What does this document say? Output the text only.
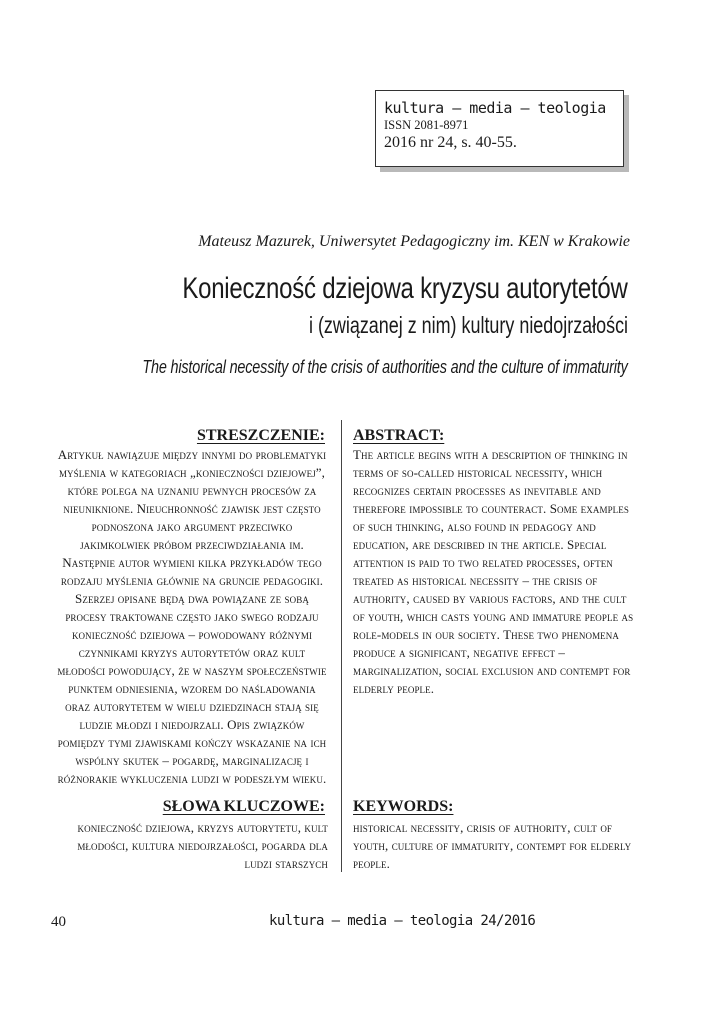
kultura – media – teologia
ISSN 2081-8971
2016 nr 24, s. 40-55.
Mateusz Mazurek, Uniwersytet Pedagogiczny im. KEN w Krakowie
Konieczność dziejowa kryzysu autorytetów
i (związanej z nim) kultury niedojrzałości
The historical necessity of the crisis of authorities and the culture of immaturity
STRESZCZENIE: ABSTRACT:
Artykuł nawiązuje między innymi do problematyki myślenia w kategoriach „konieczności dziejowej”, które polega na uznaniu pewnych procesów za nieuniknione. Nieuchronność zjawisk jest często podnoszona jako argument przeciwko jakimkolwiek próbom przeciwdziałania im. Następnie autor wymieni kilka przykładów tego rodzaju myślenia głównie na gruncie pedagogiki. Szerzej opisane będą dwa powiązane ze sobą procesy traktowane często jako swego rodzaju konieczność dziejowa – powodowany różnymi czynnikami kryzys autorytetów oraz kult młodości powodujący, że w naszym społeczeństwie punktem odniesienia, wzorem do naśladowania oraz autorytetem w wielu dziedzinach stają się ludzie młodzi i niedojrzali. Opis związków pomiędzy tymi zjawiskami kończy wskazanie na ich wspólny skutek – pogardę, marginalizację i różnorakie wykluczenia ludzi w podeszłym wieku.
The article begins with a description of thinking in terms of so-called historical necessity, which recognizes certain processes as inevitable and therefore impossible to counteract. Some examples of such thinking, also found in pedagogy and education, are described in the article. Special attention is paid to two related processes, often treated as historical necessity – the crisis of authority, caused by various factors, and the cult of youth, which casts young and immature people as role-models in our society. These two phenomena produce a significant, negative effect – marginalization, social exclusion and contempt for elderly people.
SŁOWA KLUCZOWE: KEYWORDS:
konieczność dziejowa, kryzys autorytetu, kult młodości, kultura niedojrzałości, pogarda dla ludzi starszych
historical necessity, crisis of authority, cult of youth, culture of immaturity, contempt for elderly people.
40	kultura – media – teologia 24/2016
